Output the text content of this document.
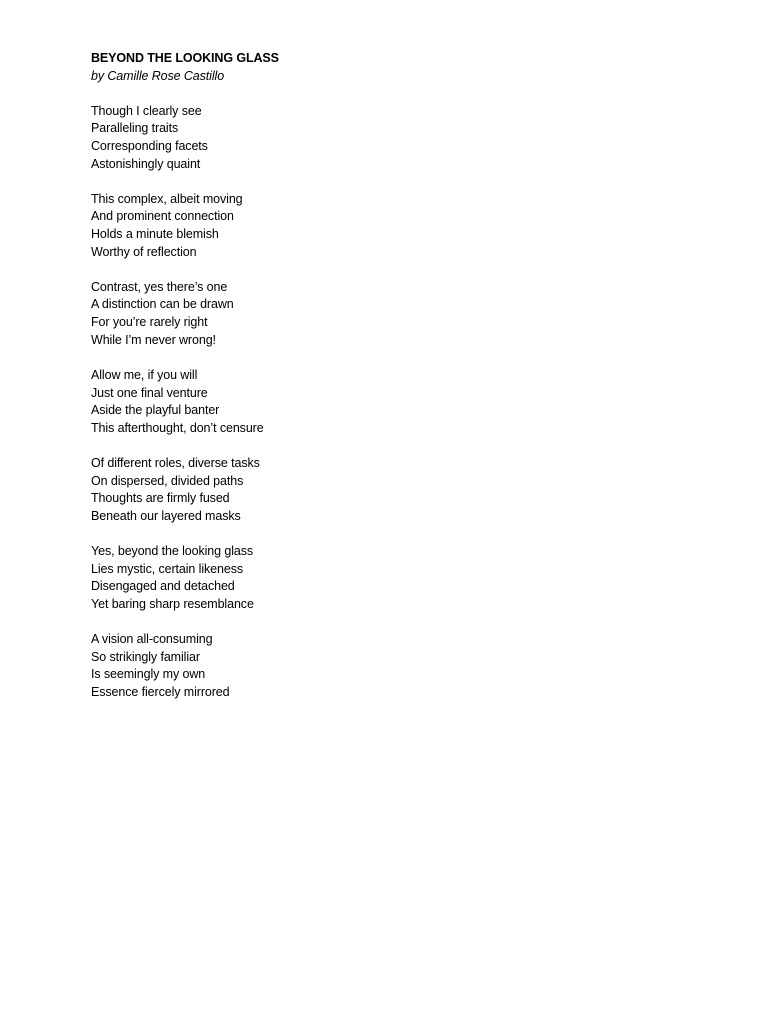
BEYOND THE LOOKING GLASS
by Camille Rose Castillo
Though I clearly see
Paralleling traits
Corresponding facets
Astonishingly quaint
This complex, albeit moving
And prominent connection
Holds a minute blemish
Worthy of reflection
Contrast, yes there’s one
A distinction can be drawn
For you’re rarely right
While I’m never wrong!
Allow me, if you will
Just one final venture
Aside the playful banter
This afterthought, don’t censure
Of different roles, diverse tasks
On dispersed, divided paths
Thoughts are firmly fused
Beneath our layered masks
Yes, beyond the looking glass
Lies mystic, certain likeness
Disengaged and detached
Yet baring sharp resemblance
A vision all-consuming
So strikingly familiar
Is seemingly my own
Essence fiercely mirrored
